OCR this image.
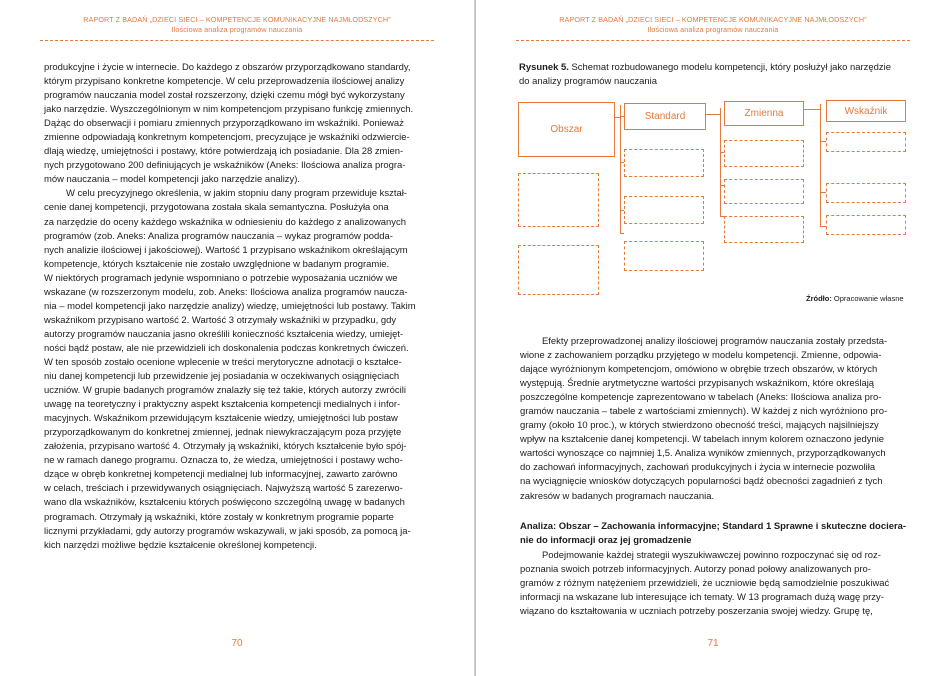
RAPORT Z BADAŃ „DZIECI SIECI – KOMPETENCJE KOMUNIKACYJNE NAJMŁODSZYCH”
Ilościowa analiza programów nauczania

produkcyjne i życie w internecie. Do każdego z obszarów przyporządkowano standardy,

którym przypisano konkretne kompetencje. W celu przeprowadzenia ilościowej analizy

programów nauczania model został rozszerzony, dzięki czemu mógł być wykorzystany

jako narzędzie. Wyszczególnionym w nim kompetencjom przypisano funkcję zmiennych.

Dążąc do obserwacji i pomiaru zmiennych przyporządkowano im wskaźniki. Ponieważ

zmienne odpowiadają konkretnym kompetencjom, precyzujące je wskaźniki odzwiercie-

dlają wiedzę, umiejętności i postawy, które potwierdzają ich posiadanie. Dla 28 zmien-

nych przygotowano 200 definiujących je wskaźników (Aneks: Ilościowa analiza progra-

mów nauczania – model kompetencji jako narzędzie analizy).

W celu precyzyjnego określenia, w jakim stopniu dany program przewiduje kształ-

cenie danej kompetencji, przygotowana została skala semantyczna. Posłużyła ona

za narzędzie do oceny każdego wskaźnika w odniesieniu do każdego z analizowanych

programów (zob. Aneks: Analiza programów nauczania – wykaz programów podda-

nych analizie ilościowej i jakościowej). Wartość 1 przypisano wskaźnikom określającym

kompetencje, których kształcenie nie zostało uwzględnione w badanym programie.

W niektórych programach jedynie wspomniano o potrzebie wyposażania uczniów we

wskazane (w rozszerzonym modelu, zob. Aneks: Ilościowa analiza programów naucza-

nia – model kompetencji jako narzędzie analizy) wiedzę, umiejętności lub postawy. Takim

wskaźnikom przypisano wartość 2. Wartość 3 otrzymały wskaźniki w przypadku, gdy

autorzy programów nauczania jasno określili konieczność kształcenia wiedzy, umiejęt-

ności bądź postaw, ale nie przewidzieli ich doskonalenia podczas konkretnych ćwiczeń.

W ten sposób zostało ocenione wplecenie w treści merytoryczne adnotacji o kształce-

niu danej kompetencji lub przewidzenie jej posiadania w oczekiwanych osiągnięciach

uczniów. W grupie badanych programów znalazły się też takie, których autorzy zwrócili

uwagę na teoretyczny i praktyczny aspekt kształcenia kompetencji medialnych i infor-

macyjnych. Wskaźnikom przewidującym kształcenie wiedzy, umiejętności lub postaw

przyporządkowanym do konkretnej zmiennej, jednak niewykraczającym poza przyjęte

założenia, przypisano wartość 4. Otrzymały ją wskaźniki, których kształcenie było spój-

ne w ramach danego programu. Oznacza to, że wiedza, umiejętności i postawy wcho-

dzące w obręb konkretnej kompetencji medialnej lub informacyjnej, zawarto zarówno

w celach, treściach i przewidywanych osiągnięciach. Najwyższą wartość 5 zarezerwo-

wano dla wskaźników, kształceniu których poświęcono szczególną uwagę w badanych

programach. Otrzymały ją wskaźniki, które zostały w konkretnym programie poparte

licznymi przykładami, gdy autorzy programów wskazywali, w jaki sposób, za pomocą ja-

kich narzędzi możliwe będzie kształcenie określonej kompetencji.

70
RAPORT Z BADAŃ „DZIECI SIECI – KOMPETENCJE KOMUNIKACYJNE NAJMŁODSZYCH”
Ilościowa analiza programów nauczania
Rysunek 5. Schemat rozbudowanego modelu kompetencji, który posłużył jako narzędzie
do analizy programów nauczania
Obszar
Standard	Zmienna	Wskaźnik
Źródło: Opracowanie własne

Efekty przeprowadzonej analizy ilościowej programów nauczania zostały przedsta-

wione z zachowaniem porządku przyjętego w modelu kompetencji. Zmienne, odpowia-

dające wyróżnionym kompetencjom, omówiono w obrębie trzech obszarów, w których

występują. Średnie arytmetyczne wartości przypisanych wskaźnikom, które określają

poszczególne kompetencje zaprezentowano w tabelach (Aneks: Ilościowa analiza pro-

gramów nauczania – tabele z wartościami zmiennych). W każdej z nich wyróżniono pro-

gramy (około 10 proc.), w których stwierdzono obecność treści, mających najsilniejszy

wpływ na kształcenie danej kompetencji. W tabelach innym kolorem oznaczono jedynie

wartości wynoszące co najmniej 1,5. Analiza wyników zmiennych, przyporządkowanych

do zachowań informacyjnych, zachowań produkcyjnych i życia w internecie pozwoliła

na wyciągnięcie wniosków dotyczących popularności bądź obecności zagadnień z tych

zakresów w badanych programach nauczania.

Analiza: Obszar – Zachowania informacyjne; Standard 1 Sprawne i skuteczne dociera-
nie do informacji oraz jej gromadzenie

Podejmowanie każdej strategii wyszukiwawczej powinno rozpoczynać się od roz-

poznania swoich potrzeb informacyjnych. Autorzy ponad połowy analizowanych pro-

gramów z różnym natężeniem przewidzieli, że uczniowie będą samodzielnie poszukiwać

informacji na wskazane lub interesujące ich tematy. W 13 programach dużą wagę przy-

wiązano do kształtowania w uczniach potrzeby poszerzania swojej wiedzy. Grupę tę,

71
